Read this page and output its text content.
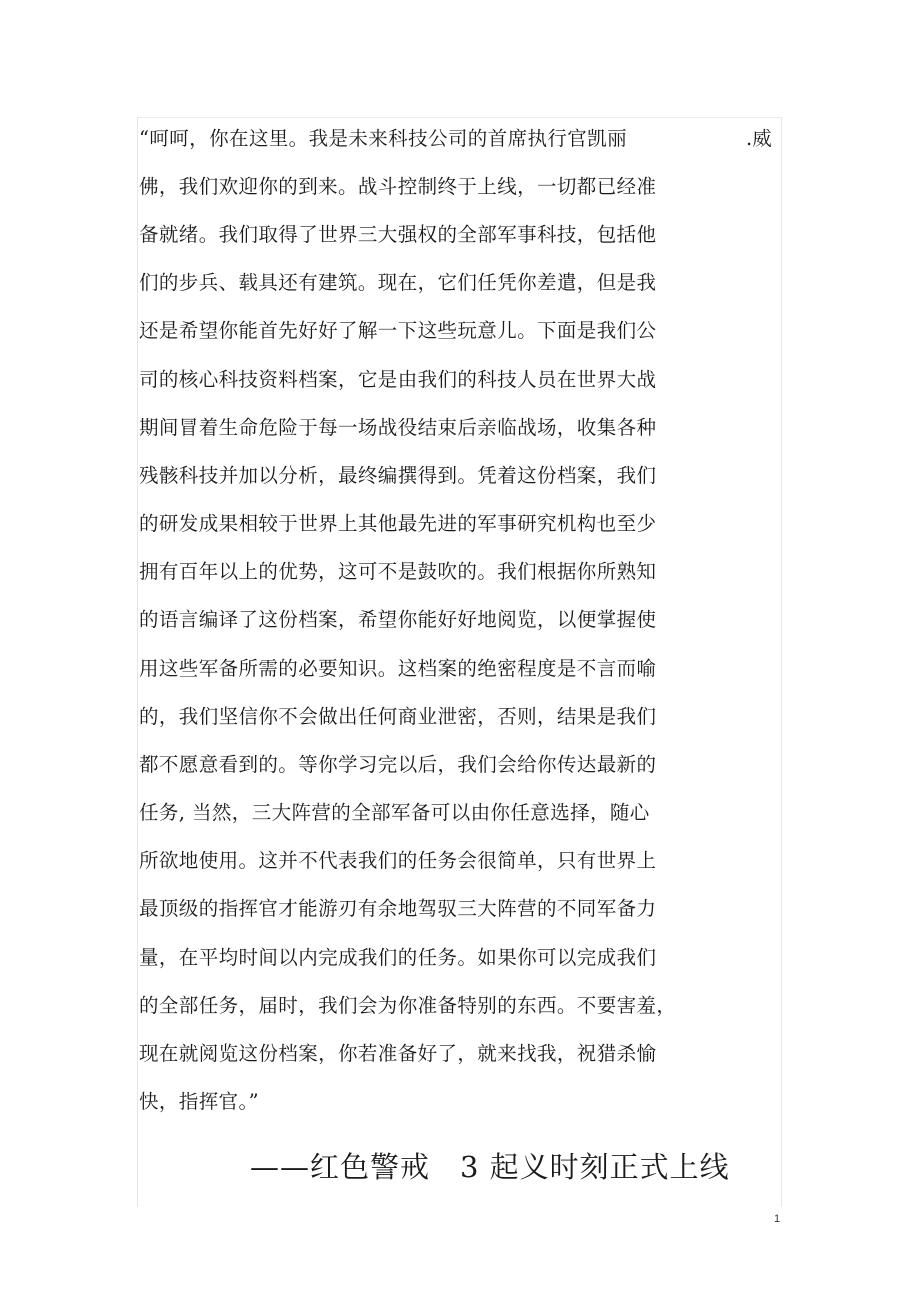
“呵呵，你在这里。我是未来科技公司的首席执行官凯丽	.威
佛，我们欢迎你的到来。战斗控制终于上线，一切都已经准
备就绪。我们取得了世界三大强权的全部军事科技，包括他
们的步兵、载具还有建筑。现在，它们任凭你差遣，但是我
还是希望你能首先好好了解一下这些玩意儿。下面是我们公
司的核心科技资料档案，它是由我们的科技人员在世界大战
期间冒着生命危险于每一场战役结束后亲临战场，收集各种
残骸科技并加以分析，最终编撰得到。凭着这份档案，我们
的研发成果相较于世界上其他最先进的军事研究机构也至少
拥有百年以上的优势，这可不是鼓吹的。我们根据你所熟知
的语言编译了这份档案，希望你能好好地阅览，以便掌握使
用这些军备所需的必要知识。这档案的绝密程度是不言而喻
的，我们坚信你不会做出任何商业泄密，否则，结果是我们
都不愿意看到的。等你学习完以后，我们会给你传达最新的
任务, 当然，三大阵营的全部军备可以由你任意选择，随心
所欲地使用。这并不代表我们的任务会很简单，只有世界上
最顶级的指挥官才能游刃有余地驾驭三大阵营的不同军备力
量，在平均时间以内完成我们的任务。如果你可以完成我们
的全部任务，届时，我们会为你准备特别的东西。不要害羞，
现在就阅览这份档案，你若准备好了，就来找我，祝猎杀愉
快，指挥官。”
——红色警戒　3 起义时刻正式上线
1
